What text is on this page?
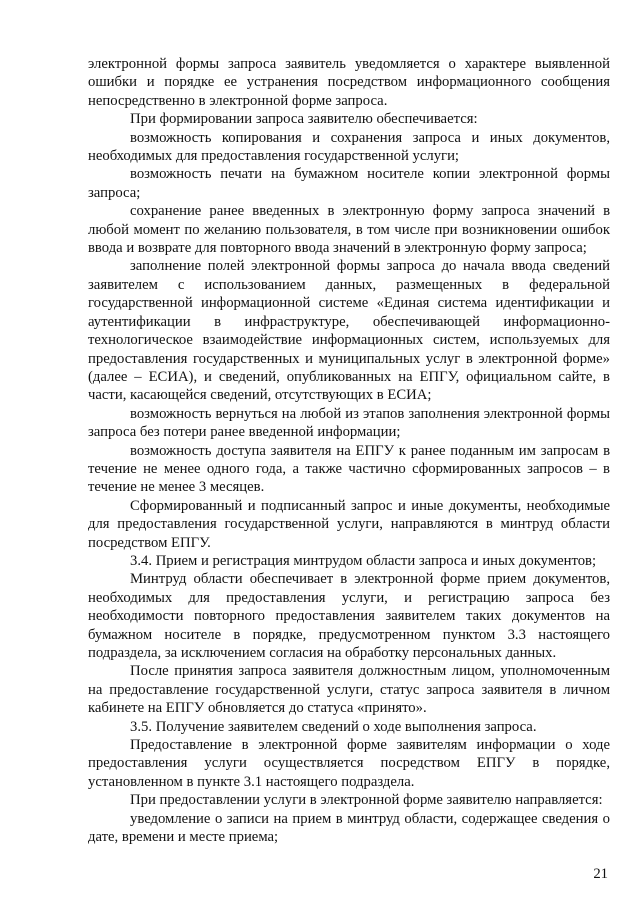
электронной формы запроса заявитель уведомляется о характере выявленной ошибки и порядке ее устранения посредством информационного сообщения непосредственно в электронной форме запроса.

При формировании запроса заявителю обеспечивается:

возможность копирования и сохранения запроса и иных документов, необходимых для предоставления государственной услуги;

возможность печати на бумажном носителе копии электронной формы запроса;

сохранение ранее введенных в электронную форму запроса значений в любой момент по желанию пользователя, в том числе при возникновении ошибок ввода и возврате для повторного ввода значений в электронную форму запроса;

заполнение полей электронной формы запроса до начала ввода сведений заявителем с использованием данных, размещенных в федеральной государственной информационной системе «Единая система идентификации и аутентификации в инфраструктуре, обеспечивающей информационно-технологическое взаимодействие информационных систем, используемых для предоставления государственных и муниципальных услуг в электронной форме» (далее – ЕСИА), и сведений, опубликованных на ЕПГУ, официальном сайте, в части, касающейся сведений, отсутствующих в ЕСИА;

возможность вернуться на любой из этапов заполнения электронной формы запроса без потери ранее введенной информации;

возможность доступа заявителя на ЕПГУ к ранее поданным им запросам в течение не менее одного года, а также частично сформированных запросов – в течение не менее 3 месяцев.

Сформированный и подписанный запрос и иные документы, необходимые для предоставления государственной услуги, направляются в минтруд области посредством ЕПГУ.

3.4. Прием и регистрация минтрудом области запроса и иных документов;

Минтруд области обеспечивает в электронной форме прием документов, необходимых для предоставления услуги, и регистрацию запроса без необходимости повторного предоставления заявителем таких документов на бумажном носителе в порядке, предусмотренном пунктом 3.3 настоящего подраздела, за исключением согласия на обработку персональных данных.

После принятия запроса заявителя должностным лицом, уполномоченным на предоставление государственной услуги, статус запроса заявителя в личном кабинете на ЕПГУ обновляется до статуса «принято».

3.5. Получение заявителем сведений о ходе выполнения запроса.

Предоставление в электронной форме заявителям информации о ходе предоставления услуги осуществляется посредством ЕПГУ в порядке, установленном в пункте 3.1 настоящего подраздела.

При предоставлении услуги в электронной форме заявителю направляется:

уведомление о записи на прием в минтруд области, содержащее сведения о дате, времени и месте приема;

21
